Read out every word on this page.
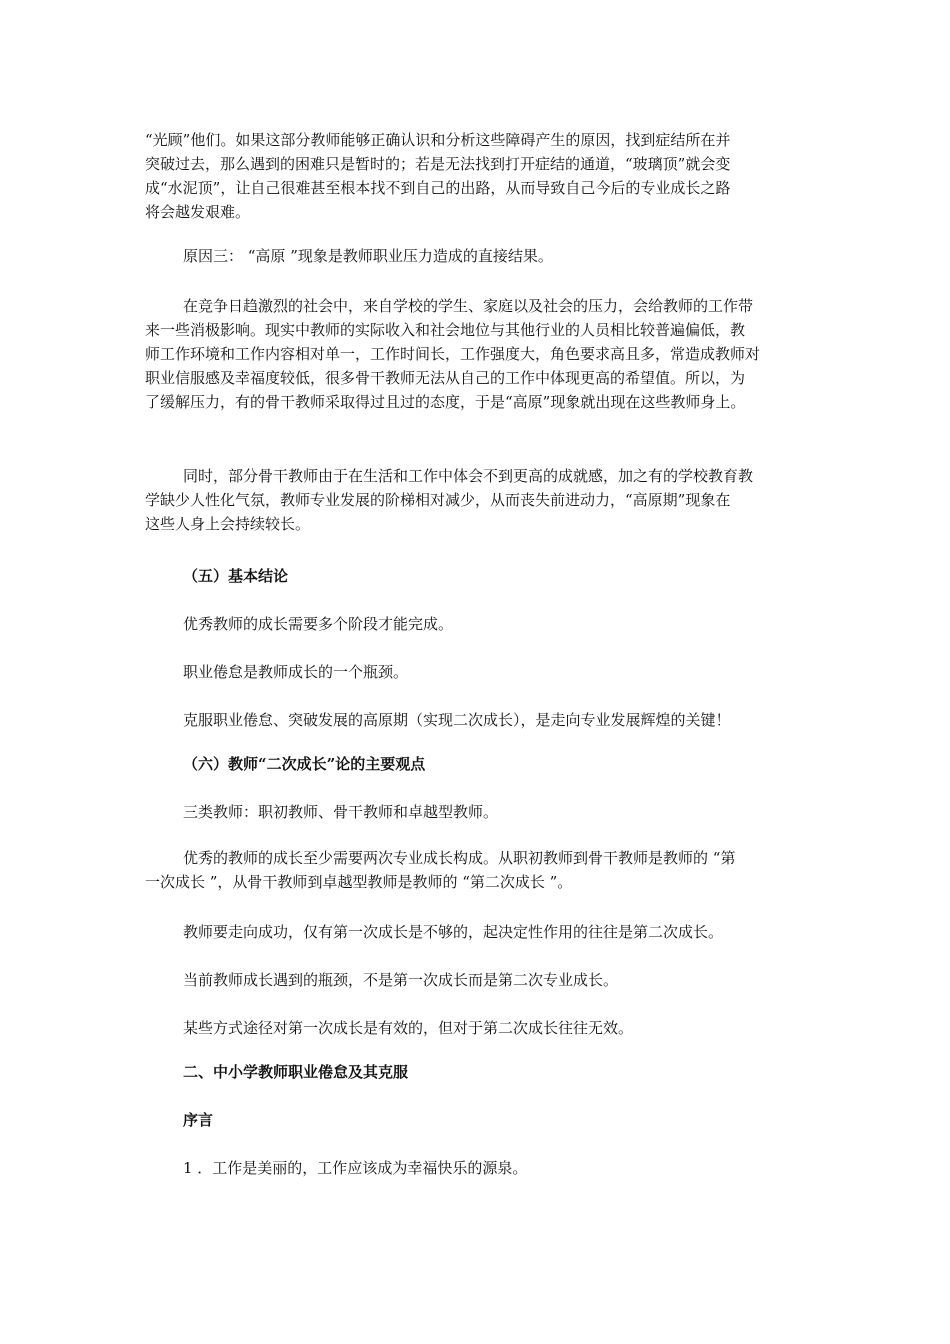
“光顾”他们。如果这部分教师能够正确认识和分析这些障碍产生的原因，找到症结所在并
突破过去，那么遇到的困难只是暂时的；若是无法找到打开症结的通道，“玻璃顶”就会变
成“水泥顶”，让自己很难甚至根本找不到自己的出路，从而导致自己今后的专业成长之路
将会越发艰难。
原因三： “高原 ”现象是教师职业压力造成的直接结果。
在竞争日趋激烈的社会中，来自学校的学生、家庭以及社会的压力，会给教师的工作带
来一些消极影响。现实中教师的实际收入和社会地位与其他行业的人员相比较普遍偏低，教
师工作环境和工作内容相对单一，工作时间长，工作强度大，角色要求高且多，常造成教师对
职业信服感及幸福度较低，很多骨干教师无法从自己的工作中体现更高的希望值。所以，为
了缓解压力，有的骨干教师采取得过且过的态度，于是“高原”现象就出现在这些教师身上。
同时，部分骨干教师由于在生活和工作中体会不到更高的成就感，加之有的学校教育教
学缺少人性化气氛，教师专业发展的阶梯相对减少，从而丧失前进动力，“高原期”现象在
这些人身上会持续较长。
（五）基本结论
优秀教师的成长需要多个阶段才能完成。
职业倦怠是教师成长的一个瓶颈。
克服职业倦怠、突破发展的高原期（实现二次成长），是走向专业发展辉煌的关键！
（六）教师“二次成长”论的主要观点
三类教师：职初教师、骨干教师和卓越型教师。
优秀的教师的成长至少需要两次专业成长构成。从职初教师到骨干教师是教师的 “第
一次成长 ”，从骨干教师到卓越型教师是教师的 “第二次成长 ”。
教师要走向成功，仅有第一次成长是不够的，起决定性作用的往往是第二次成长。
当前教师成长遇到的瓶颈，不是第一次成长而是第二次专业成长。
某些方式途径对第一次成长是有效的，但对于第二次成长往往无效。
二、中小学教师职业倦怠及其克服
序言
1 ．工作是美丽的，工作应该成为幸福快乐的源泉。
